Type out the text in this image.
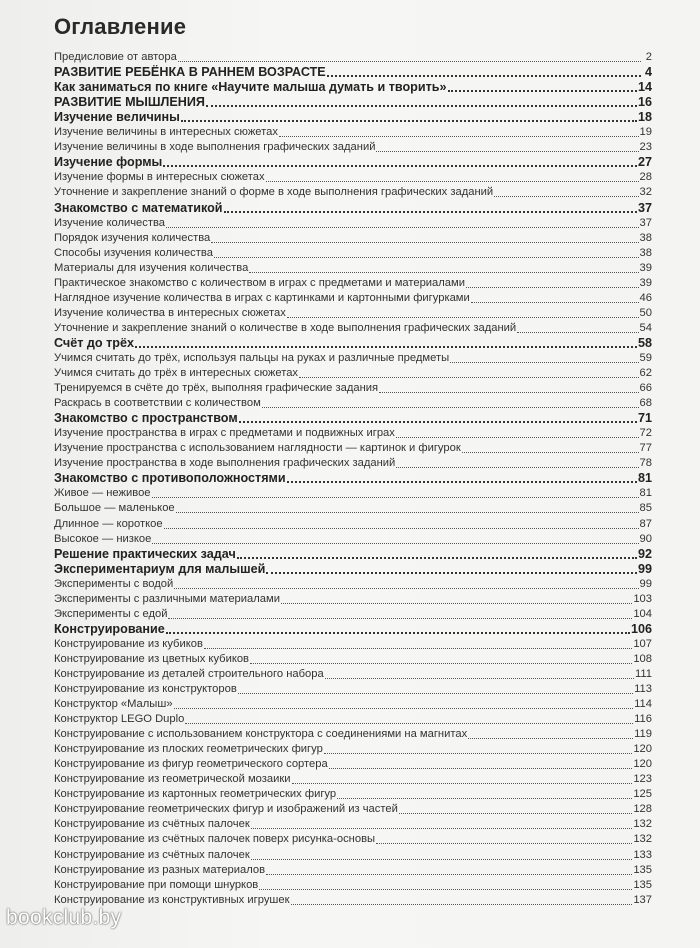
Оглавление
Предисловие от автора	2
РАЗВИТИЕ РЕБЁНКА В РАННЕМ ВОЗРАСТЕ	4
Как заниматься по книге «Научите малыша думать и творить»	14
РАЗВИТИЕ МЫШЛЕНИЯ	16
Изучение величины	18
Изучение величины в интересных сюжетах	19
Изучение величины в ходе выполнения графических заданий	23
Изучение формы	27
Изучение формы в интересных сюжетах	28
Уточнение и закрепление знаний о форме в ходе выполнения графических заданий	32
Знакомство с математикой	37
Изучение количества	37
Порядок изучения количества	38
Способы изучения количества	38
Материалы для изучения количества	39
Практическое знакомство с количеством в играх с предметами и материалами	39
Наглядное изучение количества в играх с картинками и картонными фигурками	46
Изучение количества в интересных сюжетах	50
Уточнение и закрепление знаний о количестве в ходе выполнения графических заданий	54
Счёт до трёх	58
Учимся считать до трёх, используя пальцы на руках и различные предметы	59
Учимся считать до трёх в интересных сюжетах	62
Тренируемся в счёте до трёх, выполняя графические задания	66
Раскрась в соответствии с количеством	68
Знакомство с пространством	71
Изучение пространства в играх с предметами и подвижных играх	72
Изучение пространства с использованием наглядности — картинок и фигурок	77
Изучение пространства в ходе выполнения графических заданий	78
Знакомство с противоположностями	81
Живое — неживое	81
Большое — маленькое	85
Длинное — короткое	87
Высокое — низкое	90
Решение практических задач	92
Экспериментариум для малышей	99
Эксперименты с водой	99
Эксперименты с различными материалами	103
Эксперименты с едой	104
Конструирование	106
Конструирование из кубиков	107
Конструирование из цветных кубиков	108
Конструирование из деталей строительного набора	111
Конструирование из конструкторов	113
Конструктор «Малыш»	114
Конструктор LEGO Duplo	116
Конструирование с использованием конструктора с соединениями на магнитах	119
Конструирование из плоских геометрических фигур	120
Конструирование из фигур геометрического сортера	120
Конструирование из геометрической мозаики	123
Конструирование из картонных геометрических фигур	125
Конструирование геометрических фигур и изображений из частей	128
Конструирование из счётных палочек	132
Конструирование из счётных палочек поверх рисунка-основы	132
Конструирование из счётных палочек	133
Конструирование из разных материалов	135
Конструирование при помощи шнурков	135
Конструирование из конструктивных игрушек	137
bookclub.by
